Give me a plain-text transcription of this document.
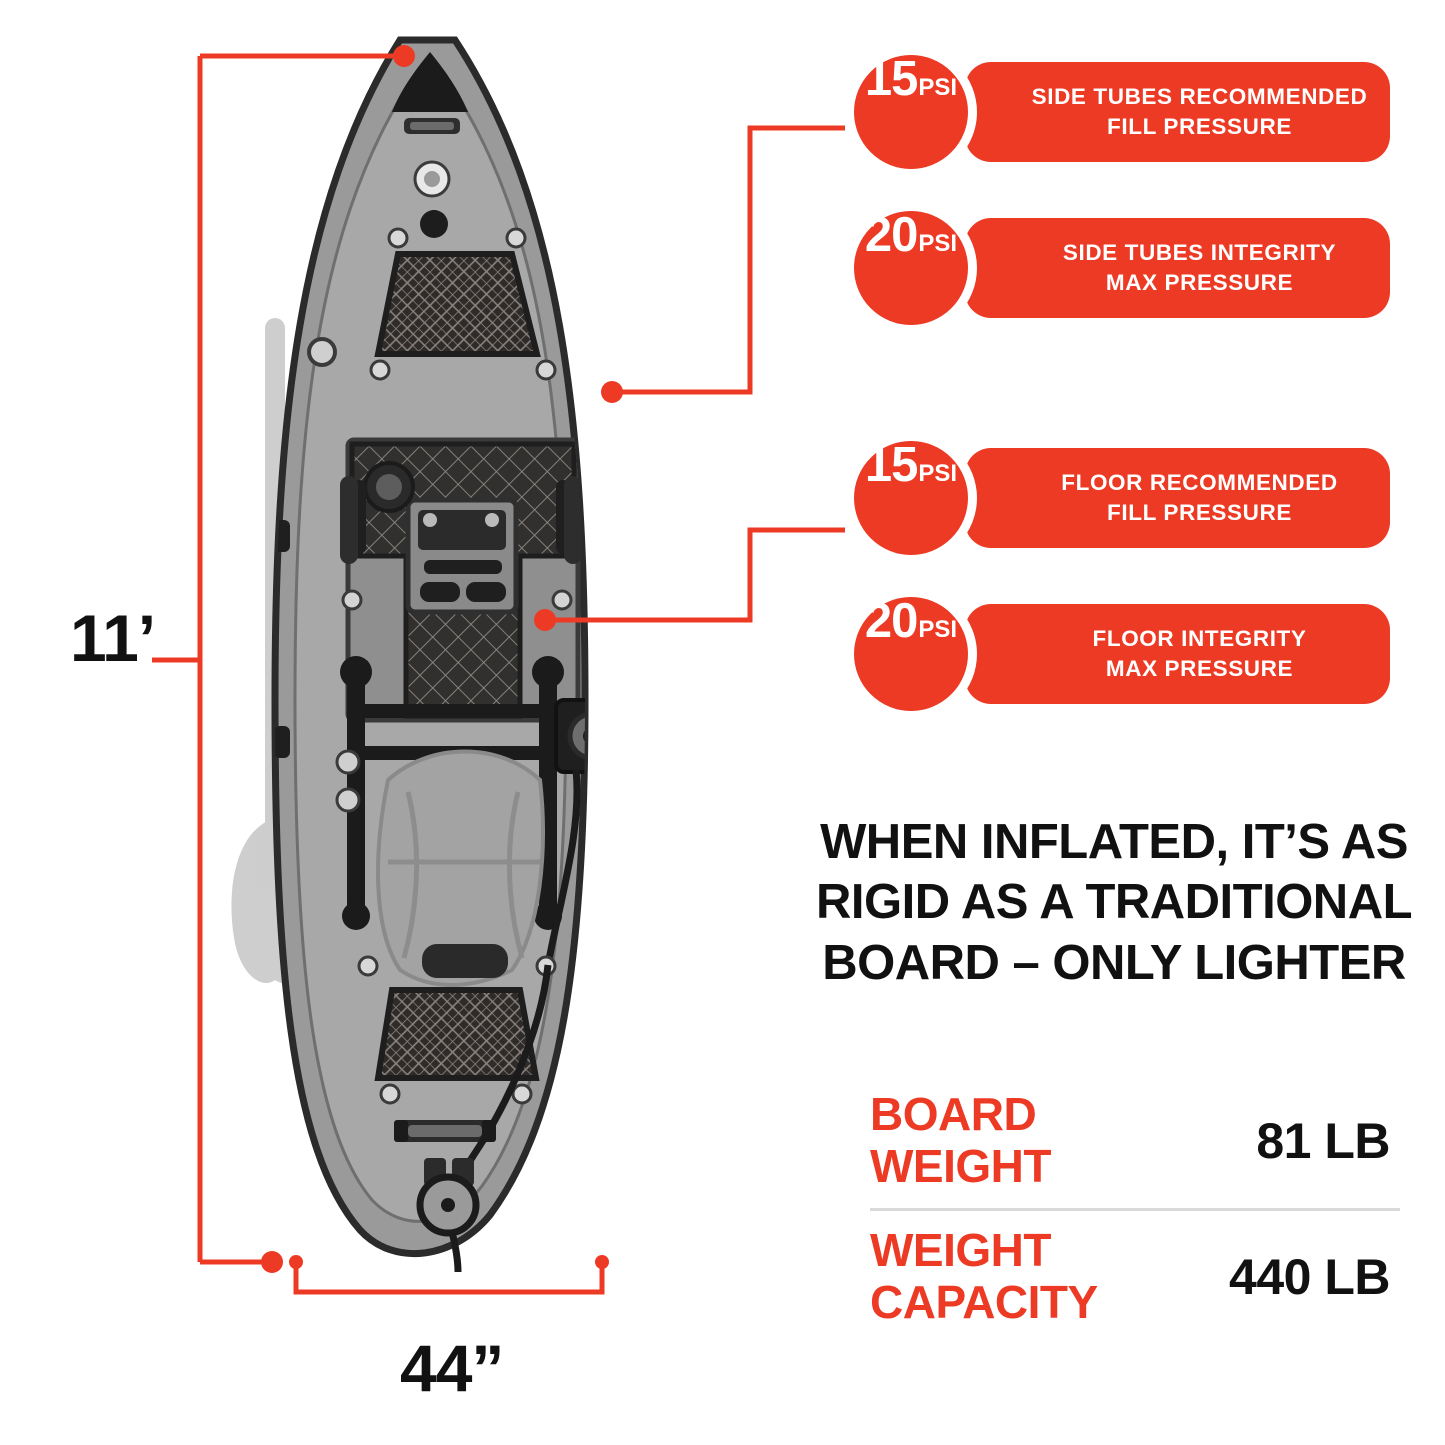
11’
44”
SIDE TUBES RECOMMENDED
FILL PRESSURE
15 PSI
SIDE TUBES INTEGRITY
MAX PRESSURE
20 PSI
FLOOR RECOMMENDED
FILL PRESSURE
15 PSI
FLOOR INTEGRITY
MAX PRESSURE
20 PSI
WHEN INFLATED, IT’S AS RIGID AS A TRADITIONAL BOARD – ONLY LIGHTER
BOARD WEIGHT	81 LB
WEIGHT CAPACITY	440 LB
